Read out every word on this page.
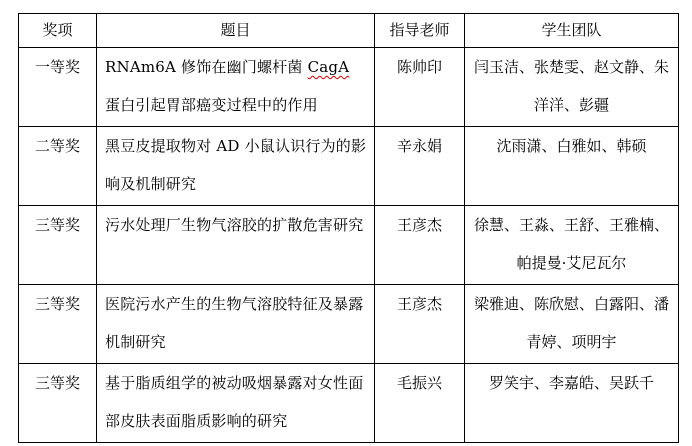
奖项	题目	指导老师	学生团队

一等奖	RNAm6A 修饰在幽门螺杆菌 CagA 蛋白引起胃部癌变过程中的作用	陈帅印	闫玉洁、张楚雯、赵文静、朱洋洋、彭疆

二等奖	黑豆皮提取物对 AD 小鼠认识行为的影响及机制研究	辛永娟	沈雨潇、白雅如、韩硕

三等奖	污水处理厂生物气溶胶的扩散危害研究	王彦杰	徐慧、王淼、王舒、王雅楠、帕提曼·艾尼瓦尔

三等奖	医院污水产生的生物气溶胶特征及暴露机制研究	王彦杰	梁雅迪、陈欣慰、白露阳、潘青婷、项明宇

三等奖	基于脂质组学的被动吸烟暴露对女性面部皮肤表面脂质影响的研究	毛振兴	罗笑宇、李嘉皓、吴跃千
